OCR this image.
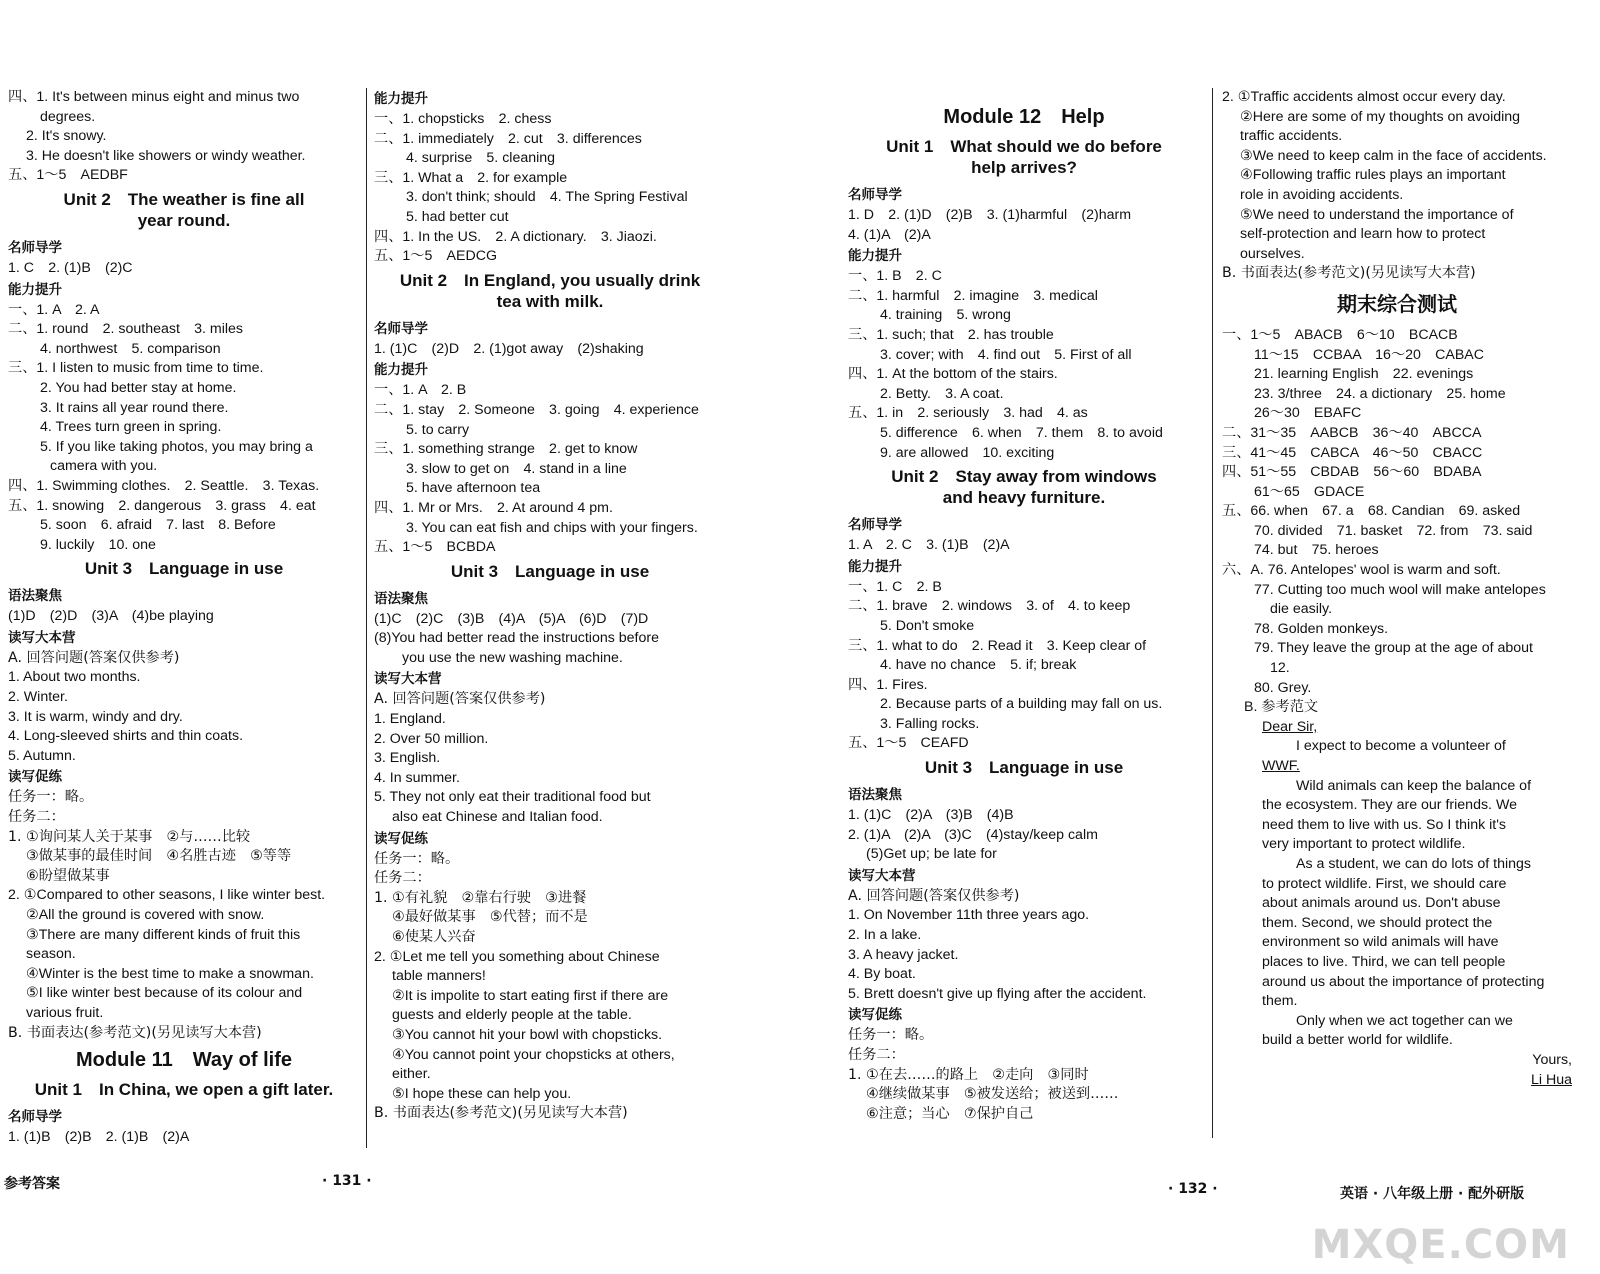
四、1. It's between minus eight and minus two
degrees.
2. It's snowy.
3. He doesn't like showers or windy weather.
五、1～5　AEDBF
Unit 2　The weather is fine all
year round.
名师导学
1. C　2. (1)B　(2)C
能力提升
一、1. A　2. A
二、1. round　2. southeast　3. miles
4. northwest　5. comparison
三、1. I listen to music from time to time.
2. You had better stay at home.
3. It rains all year round there.
4. Trees turn green in spring.
5. If you like taking photos, you may bring a
camera with you.
四、1. Swimming clothes.　2. Seattle.　3. Texas.
五、1. snowing　2. dangerous　3. grass　4. eat
5. soon　6. afraid　7. last　8. Before
9. luckily　10. one
Unit 3　Language in use
语法聚焦
(1)D　(2)D　(3)A　(4)be playing
读写大本营
A. 回答问题(答案仅供参考)
1. About two months.
2. Winter.
3. It is warm, windy and dry.
4. Long-sleeved shirts and thin coats.
5. Autumn.
读写促练
任务一：略。
任务二：
1. ①询问某人关于某事　②与……比较
③做某事的最佳时间　④名胜古迹　⑤等等
⑥盼望做某事
2. ①Compared to other seasons, I like winter best.
②All the ground is covered with snow.
③There are many different kinds of fruit this
season.
④Winter is the best time to make a snowman.
⑤I like winter best because of its colour and
various fruit.
B. 书面表达(参考范文)(另见读写大本营)
Module 11　Way of life
Unit 1　In China, we open a gift later.
名师导学
1. (1)B　(2)B　2. (1)B　(2)A
能力提升
一、1. chopsticks　2. chess
二、1. immediately　2. cut　3. differences
4. surprise　5. cleaning
三、1. What a　2. for example
3. don't think; should　4. The Spring Festival
5. had better cut
四、1. In the US.　2. A dictionary.　3. Jiaozi.
五、1～5　AEDCG
Unit 2　In England, you usually drink
tea with milk.
名师导学
1. (1)C　(2)D　2. (1)got away　(2)shaking
能力提升
一、1. A　2. B
二、1. stay　2. Someone　3. going　4. experience
5. to carry
三、1. something strange　2. get to know
3. slow to get on　4. stand in a line
5. have afternoon tea
四、1. Mr or Mrs.　2. At around 4 pm.
3. You can eat fish and chips with your fingers.
五、1～5　BCBDA
Unit 3　Language in use
语法聚焦
(1)C　(2)C　(3)B　(4)A　(5)A　(6)D　(7)D
(8)You had better read the instructions before
you use the new washing machine.
读写大本营
A. 回答问题(答案仅供参考)
1. England.
2. Over 50 million.
3. English.
4. In summer.
5. They not only eat their traditional food but
also eat Chinese and Italian food.
读写促练
任务一：略。
任务二：
1. ①有礼貌　②靠右行驶　③进餐
④最好做某事　⑤代替；而不是
⑥使某人兴奋
2. ①Let me tell you something about Chinese
table manners!
②It is impolite to start eating first if there are
guests and elderly people at the table.
③You cannot hit your bowl with chopsticks.
④You cannot point your chopsticks at others,
either.
⑤I hope these can help you.
B. 书面表达(参考范文)(另见读写大本营)
Module 12　Help
Unit 1　What should we do before
help arrives?
名师导学
1. D　2. (1)D　(2)B　3. (1)harmful　(2)harm
4. (1)A　(2)A
能力提升
一、1. B　2. C
二、1. harmful　2. imagine　3. medical
4. training　5. wrong
三、1. such; that　2. has trouble
3. cover; with　4. find out　5. First of all
四、1. At the bottom of the stairs.
2. Betty.　3. A coat.
五、1. in　2. seriously　3. had　4. as
5. difference　6. when　7. them　8. to avoid
9. are allowed　10. exciting
Unit 2　Stay away from windows
and heavy furniture.
名师导学
1. A　2. C　3. (1)B　(2)A
能力提升
一、1. C　2. B
二、1. brave　2. windows　3. of　4. to keep
5. Don't smoke
三、1. what to do　2. Read it　3. Keep clear of
4. have no chance　5. if; break
四、1. Fires.
2. Because parts of a building may fall on us.
3. Falling rocks.
五、1～5　CEAFD
Unit 3　Language in use
语法聚焦
1. (1)C　(2)A　(3)B　(4)B
2. (1)A　(2)A　(3)C　(4)stay/keep calm
(5)Get up; be late for
读写大本营
A. 回答问题(答案仅供参考)
1. On November 11th three years ago.
2. In a lake.
3. A heavy jacket.
4. By boat.
5. Brett doesn't give up flying after the accident.
读写促练
任务一：略。
任务二：
1. ①在去……的路上　②走向　③同时
④继续做某事　⑤被发送给；被送到……
⑥注意；当心　⑦保护自己
2. ①Traffic accidents almost occur every day.
②Here are some of my thoughts on avoiding
traffic accidents.
③We need to keep calm in the face of accidents.
④Following traffic rules plays an important
role in avoiding accidents.
⑤We need to understand the importance of
self-protection and learn how to protect
ourselves.
B. 书面表达(参考范文)(另见读写大本营)
期末综合测试
一、1～5　ABACB　6～10　BCACB
11～15　CCBAA　16～20　CABAC
21. learning English　22. evenings
23. 3/three　24. a dictionary　25. home
26～30　EBAFC
二、31～35　AABCB　36～40　ABCCA
三、41～45　CABCA　46～50　CBACC
四、51～55　CBDAB　56～60　BDABA
61～65　GDACE
五、66. when　67. a　68. Candian　69. asked
70. divided　71. basket　72. from　73. said
74. but　75. heroes
六、A. 76. Antelopes' wool is warm and soft.
77. Cutting too much wool will make antelopes
die easily.
78. Golden monkeys.
79. They leave the group at the age of about
12.
80. Grey.
B. 参考范文
Dear Sir,
I expect to become a volunteer of
WWF.
Wild animals can keep the balance of
the ecosystem. They are our friends. We
need them to live with us. So I think it's
very important to protect wildlife.
As a student, we can do lots of things
to protect wildlife. First, we should care
about animals around us. Don't abuse
them. Second, we should protect the
environment so wild animals will have
places to live. Third, we can tell people
around us about the importance of protecting
them.
Only when we act together can we
build a better world for wildlife.
Yours,
Li Hua
参考答案	· 131 ·	· 132 ·	英语 · 八年级上册 · 配外研版
MXQE.COM
